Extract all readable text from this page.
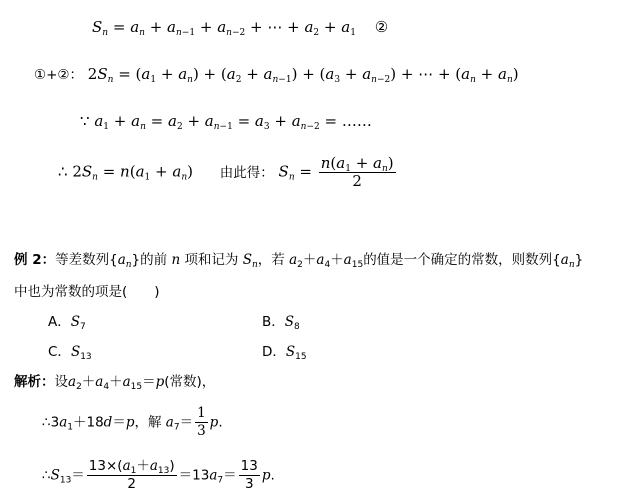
$S_n = a_n + a_{n-1} + a_{n-2}$ + ⋯ + $a_2 + a_1$ ②
①+②： $2S_n = (a_1 + a_n) + (a_2 + a_{n-1}) + (a_3 + a_{n-2})$ + ⋯ + $(a_n + a_n)$
∵ $a_1 + a_n = a_2 + a_{n-1} = a_3 + a_{n-2}$ = ……
∴ $2S_n = n(a_1 + a_n)$ 由此得： $S_n = \frac{n(a_1 + a_n)}{2}$
例 2：等差数列$\{a_n\}$的前 n 项和记为 $S_n$，若 $a_2+a_4+a_{15}$的值是一个确定的常数，则数列$\{a_n\}$
中也为常数的项是(　　)
A．$S_7$	B．$S_8$
C．$S_{13}$	D．$S_{15}$
解析：设$a_2+a_4+a_{15}=p$(常数)，
$\therefore 3a_1+18d=p$，解 $a_7= \frac{1}{3} p$.
$\therefore S_{13}= \frac{13\times(a_1+a_{13})}{2} =13a_7= \frac{13}{3} p$.
